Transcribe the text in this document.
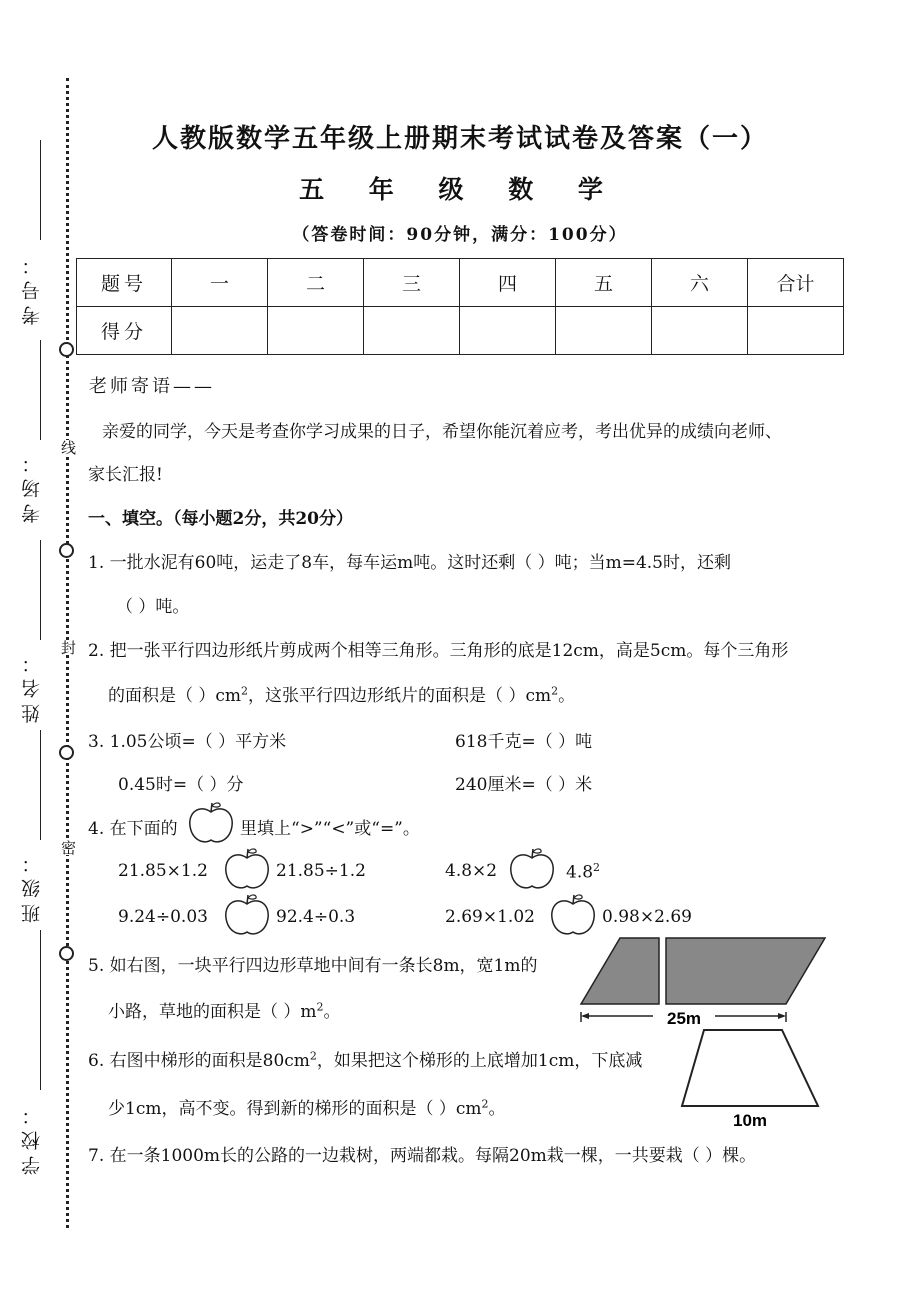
考号：
考场：
姓名：
班级：
学校：
线
封
密
人教版数学五年级上册期末考试试卷及答案（一）
五 年 级 数 学
（答卷时间：90分钟，满分：100分）
题号	一	二	三	四	五	六	合计
得分							
老师寄语——
亲爱的同学，今天是考查你学习成果的日子，希望你能沉着应考，考出优异的成绩向老师、
家长汇报!
一、填空。（每小题2分，共20分）
1. 一批水泥有60吨，运走了8车，每车运m吨。这时还剩（ ）吨；当m=4.5时，还剩
（ ）吨。
2. 把一张平行四边形纸片剪成两个相等三角形。三角形的底是12cm，高是5cm。每个三角形
的面积是（ ）$cm^2$，这张平行四边形纸片的面积是（ ）$cm^2$。
3. 1.05公顷=（ ）平方米	618千克=（ ）吨
0.45时=（ ）分	240厘米=（ ）米
4. 在下面的	里填上“>”“<”或“=”。
21.85×1.2	21.85÷1.2	4.8×2	$4.8^2$
9.24÷0.03	92.4÷0.3	2.69×1.02	0.98×2.69
5. 如右图，一块平行四边形草地中间有一条长8m，宽1m的
小路，草地的面积是（ ）$m^2$。	25m
6. 右图中梯形的面积是$80cm^2$，如果把这个梯形的上底增加1cm，下底减
少1cm，高不变。得到新的梯形的面积是（ ）$cm^2$。
10m
7. 在一条1000m长的公路的一边栽树，两端都栽。每隔20m栽一棵，一共要栽（ ）棵。
